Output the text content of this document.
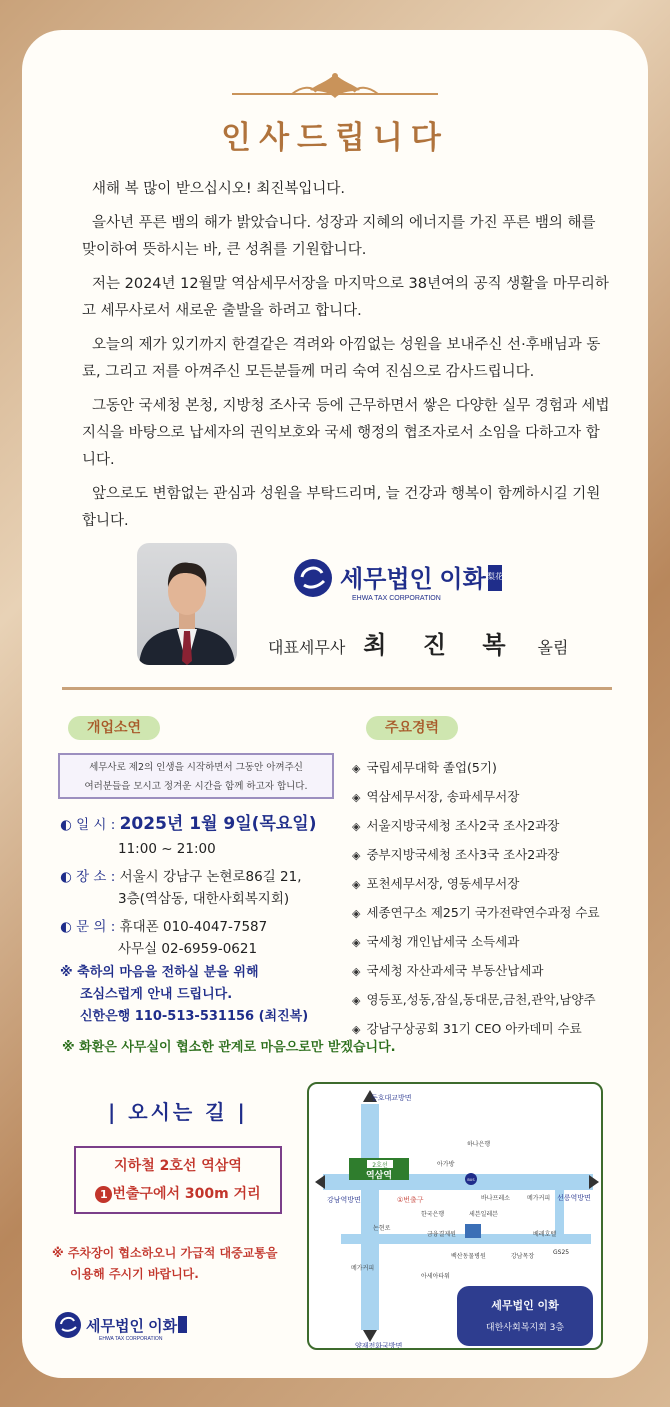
인사드립니다

새해 복 많이 받으십시오! 최진복입니다.

을사년 푸른 뱀의 해가 밝았습니다. 성장과 지혜의 에너지를 가진 푸른 뱀의 해를 맞이하여 뜻하시는 바, 큰 성취를 기원합니다.

저는 2024년 12월말 역삼세무서장을 마지막으로 38년여의 공직 생활을 마무리하고 세무사로서 새로운 출발을 하려고 합니다.

오늘의 제가 있기까지 한결같은 격려와 아낌없는 성원을 보내주신 선·후배님과 동료, 그리고 저를 아껴주신 모든분들께 머리 숙여 진심으로 감사드립니다.

그동안 국세청 본청, 지방청 조사국 등에 근무하면서 쌓은 다양한 실무 경험과 세법 지식을 바탕으로 납세자의 권익보호와 국세 행정의 협조자로서 소임을 다하고자 합니다.

앞으로도 변함없는 관심과 성원을 부탁드리며, 늘 건강과 행복이 함께하시길 기원합니다.

세무법인 이화 梨花
EHWA TAX CORPORATION
대표세무사 최 진 복 올림
개업소연	주요경력
세무사로 제2의 인생을 시작하면서 그동안 아껴주신
여러분들을 모시고 정겨운 시간을 함께 하고자 합니다.
◐ 일 시 : 2025년 1월 9일(목요일)
11:00 ~ 21:00
◐ 장 소 : 서울시 강남구 논현로86길 21,
3층(역삼동, 대한사회복지회)
◐ 문 의 : 휴대폰 010-4047-7587
사무실 02-6959-0621
※ 축하의 마음을 전하실 분을 위해
조심스럽게 안내 드립니다.
신한은행 110-513-531156 (최진복)
◈ 국립세무대학 졸업(5기)
◈ 역삼세무서장, 송파세무서장
◈ 서울지방국세청 조사2국 조사2과장
◈ 중부지방국세청 조사3국 조사2과장
◈ 포천세무서장, 영동세무서장
◈ 세종연구소 제25기 국가전략연수과정 수료
◈ 국세청 개인납세국 소득세과
◈ 국세청 자산과세국 부동산납세과
◈ 영등포,성동,잠실,동대문,금천,관악,남양주
◈ 강남구상공회 31기 CEO 아카데미 수료
※ 화환은 사무실이 협소한 관계로 마음으로만 받겠습니다.
| 오시는 길 |
지하철 2호선 역삼역
1 번출구에서 300m 거리
※ 주차장이 협소하오니 가급적 대중교통을
이용해 주시기 바랍니다.
세무법인 이화
EHWA TAX CORPORATION
동호대교방면
양재전화국방면
강남역방면	선릉역방면
2호선
역삼역
①번출구
논현로
하나은행
아가방
바나프레소	메가커피
한국은행	세븐일레븐
금융결제원	베레호텔
GS25
백산동물병원	강남목장
메가커피
아세아타워
BUS
세무법인 이화
대한사회복지회 3층
